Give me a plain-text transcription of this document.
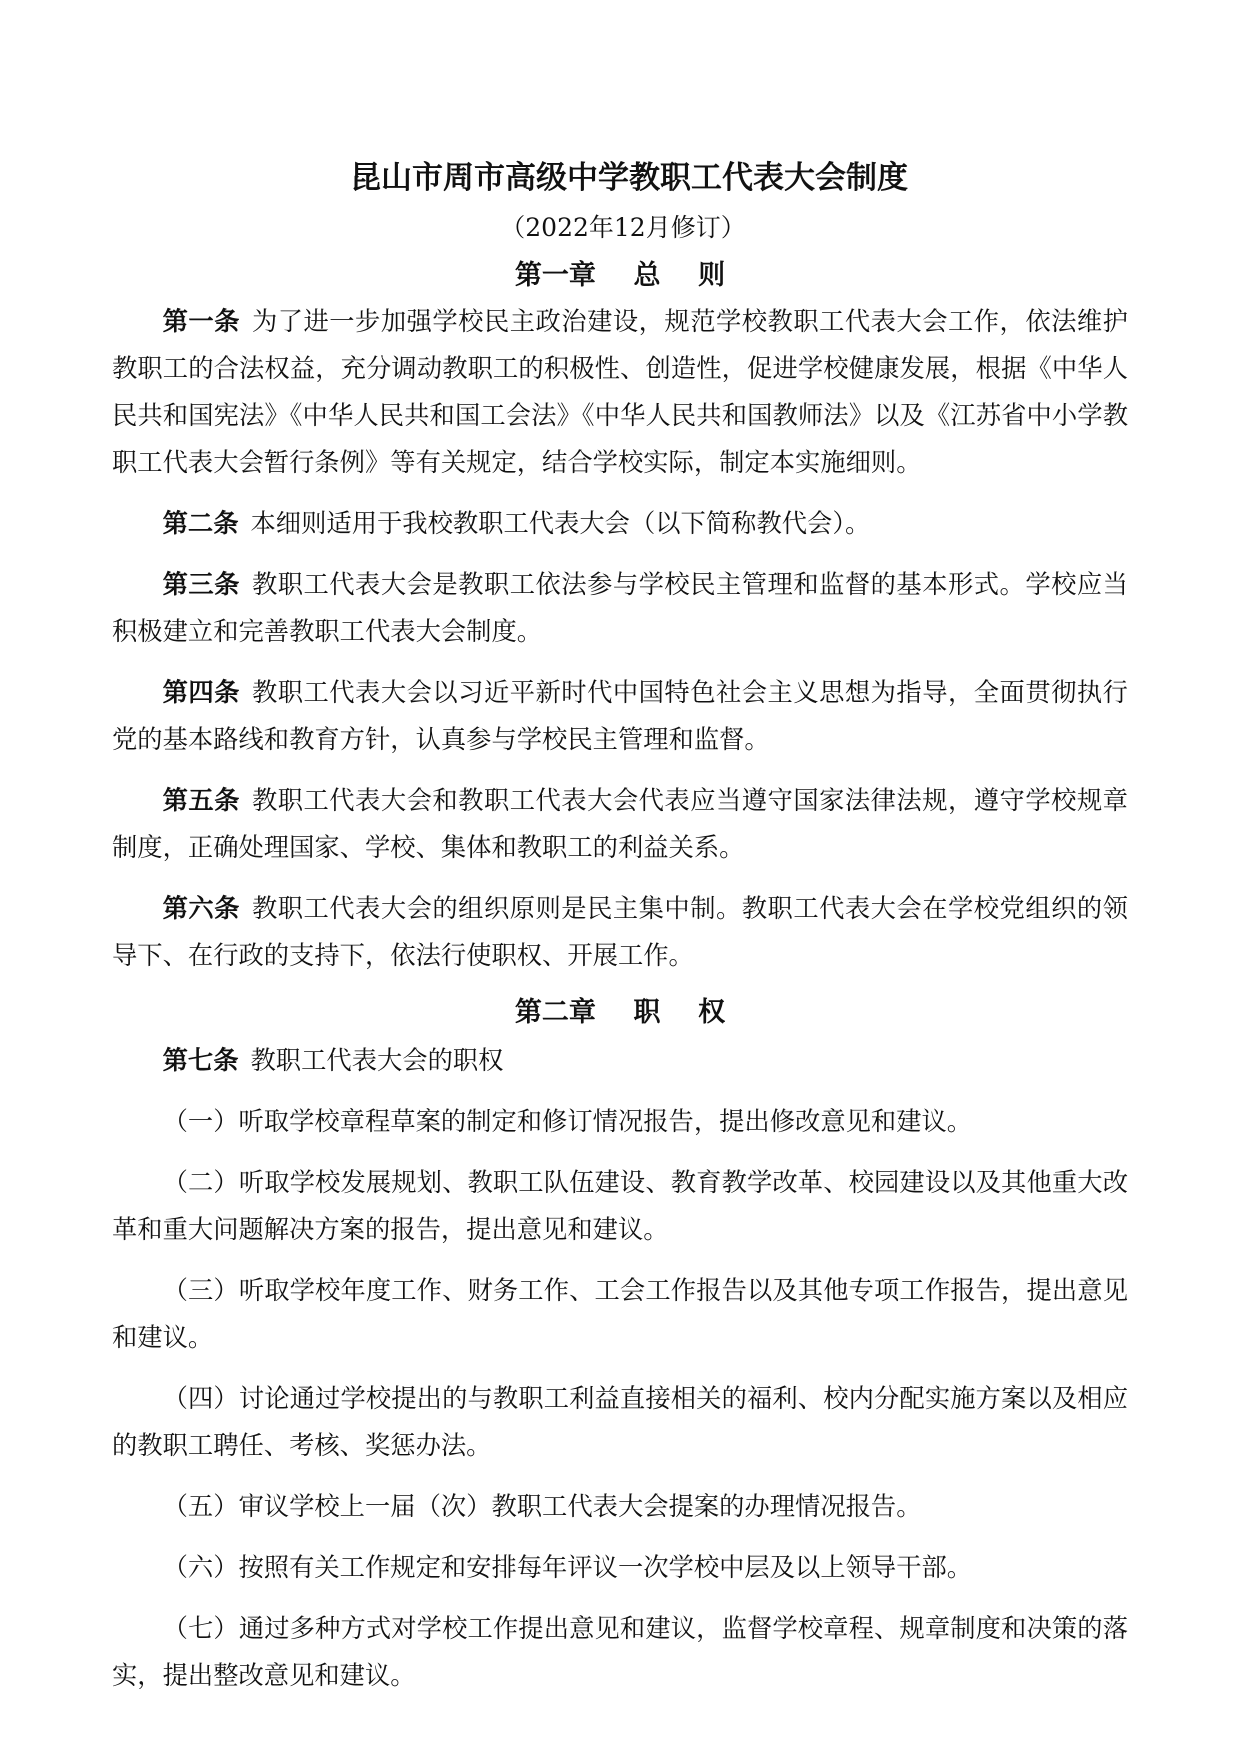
昆山市周市高级中学教职工代表大会制度
（2022年12月修订）
第一章    总    则

第一条 为了进一步加强学校民主政治建设，规范学校教职工代表大会工作，依法维护教职工的合法权益，充分调动教职工的积极性、创造性，促进学校健康发展，根据《中华人民共和国宪法》《中华人民共和国工会法》《中华人民共和国教师法》以及《江苏省中小学教职工代表大会暂行条例》等有关规定，结合学校实际，制定本实施细则。

第二条 本细则适用于我校教职工代表大会（以下简称教代会）。

第三条 教职工代表大会是教职工依法参与学校民主管理和监督的基本形式。学校应当积极建立和完善教职工代表大会制度。

第四条 教职工代表大会以习近平新时代中国特色社会主义思想为指导，全面贯彻执行党的基本路线和教育方针，认真参与学校民主管理和监督。

第五条 教职工代表大会和教职工代表大会代表应当遵守国家法律法规，遵守学校规章制度，正确处理国家、学校、集体和教职工的利益关系。

第六条 教职工代表大会的组织原则是民主集中制。教职工代表大会在学校党组织的领导下、在行政的支持下，依法行使职权、开展工作。

第二章    职    权

第七条 教职工代表大会的职权

（一）听取学校章程草案的制定和修订情况报告，提出修改意见和建议。

（二）听取学校发展规划、教职工队伍建设、教育教学改革、校园建设以及其他重大改革和重大问题解决方案的报告，提出意见和建议。

（三）听取学校年度工作、财务工作、工会工作报告以及其他专项工作报告，提出意见和建议。

（四）讨论通过学校提出的与教职工利益直接相关的福利、校内分配实施方案以及相应的教职工聘任、考核、奖惩办法。

（五）审议学校上一届（次）教职工代表大会提案的办理情况报告。

（六）按照有关工作规定和安排每年评议一次学校中层及以上领导干部。

（七）通过多种方式对学校工作提出意见和建议，监督学校章程、规章制度和决策的落实，提出整改意见和建议。
